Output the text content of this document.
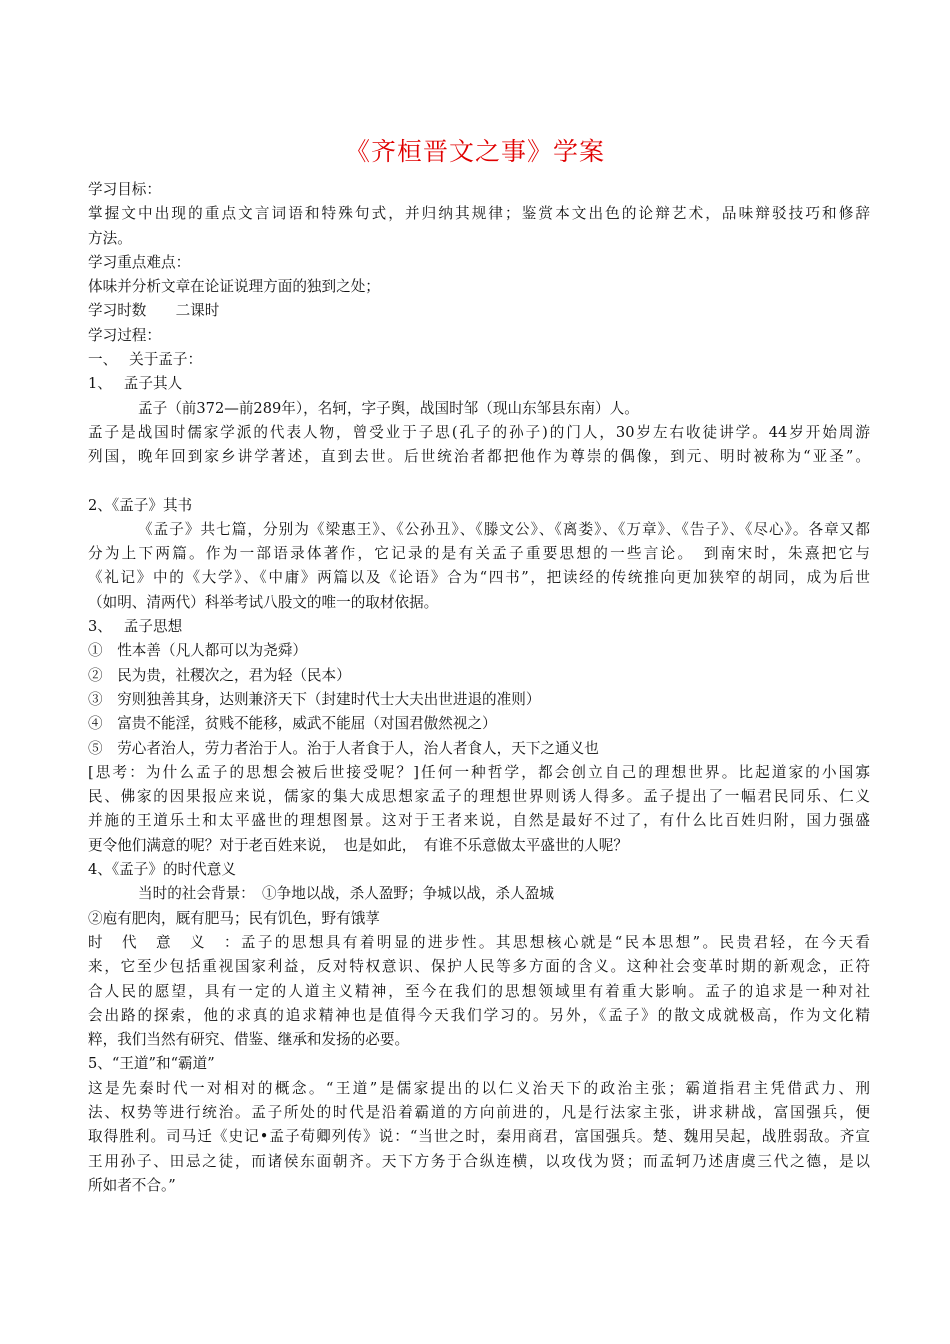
《齐桓晋文之事》学案
学习目标：
掌握文中出现的重点文言词语和特殊句式，并归纳其规律；鉴赏本文出色的论辩艺术，品味辩驳技巧和修辞
方法。
学习重点难点：
体味并分析文章在论证说理方面的独到之处；
学习时数　　二课时
学习过程：
一、　 关于孟子：
1、　 孟子其人
孟子（前372—前289年），名轲，字子舆，战国时邹（现山东邹县东南）人。
孟子是战国时儒家学派的代表人物，曾受业于子思(孔子的孙子)的门人，30岁左右收徒讲学。44岁开始周游
列国，晚年回到家乡讲学著述，直到去世。后世统治者都把他作为尊崇的偶像，到元、明时被称为“亚圣”。
2、《孟子》其书
《孟子》共七篇，分别为《梁惠王》、《公孙丑》、《滕文公》、《离娄》、《万章》、《告子》、《尽心》。各章又都
分为上下两篇。作为一部语录体著作，它记录的是有关孟子重要思想的一些言论。　到南宋时，朱熹把它与
《礼记》中的《大学》、《中庸》两篇以及《论语》合为“四书”，把读经的传统推向更加狭窄的胡同，成为后世
（如明、清两代）科举考试八股文的唯一的取材依据。
3、　 孟子思想
①　性本善（凡人都可以为尧舜）
②　民为贵，社稷次之，君为轻（民本）
③　穷则独善其身，达则兼济天下（封建时代士大夫出世进退的准则）
④　富贵不能淫，贫贱不能移，威武不能屈（对国君傲然视之）
⑤　劳心者治人，劳力者治于人。治于人者食于人，治人者食人，天下之通义也
[思考：为什么孟子的思想会被后世接受呢？]任何一种哲学，都会创立自己的理想世界。比起道家的小国寡
民、佛家的因果报应来说，儒家的集大成思想家孟子的理想世界则诱人得多。孟子提出了一幅君民同乐、仁义
并施的王道乐土和太平盛世的理想图景。这对于王者来说，自然是最好不过了，有什么比百姓归附，国力强盛
更令他们满意的呢？对于老百姓来说，　也是如此，　有谁不乐意做太平盛世的人呢？
4、《孟子》的时代意义
当时的社会背景：　①争地以战，杀人盈野；争城以战，杀人盈城
②庖有肥肉，厩有肥马；民有饥色，野有饿莩
时　代　意　义　：孟子的思想具有着明显的进步性。其思想核心就是“民本思想”。民贵君轻，在今天看
来，它至少包括重视国家利益，反对特权意识、保护人民等多方面的含义。这种社会变革时期的新观念，正符
合人民的愿望，具有一定的人道主义精神，至今在我们的思想领域里有着重大影响。孟子的追求是一种对社
会出路的探索，他的求真的追求精神也是值得今天我们学习的。另外，《孟子》的散文成就极高，作为文化精
粹，我们当然有研究、借鉴、继承和发扬的必要。
5、“王道”和“霸道”
这是先秦时代一对相对的概念。“王道”是儒家提出的以仁义治天下的政治主张；霸道指君主凭借武力、刑
法、权势等进行统治。孟子所处的时代是沿着霸道的方向前进的，凡是行法家主张，讲求耕战，富国强兵，便
取得胜利。司马迁《史记•孟子荀卿列传》说：“当世之时，秦用商君，富国强兵。楚、魏用吴起，战胜弱敌。齐宣
王用孙子、田忌之徒，而诸侯东面朝齐。天下方务于合纵连横，以攻伐为贤；而孟轲乃述唐虞三代之德，是以
所如者不合。”
